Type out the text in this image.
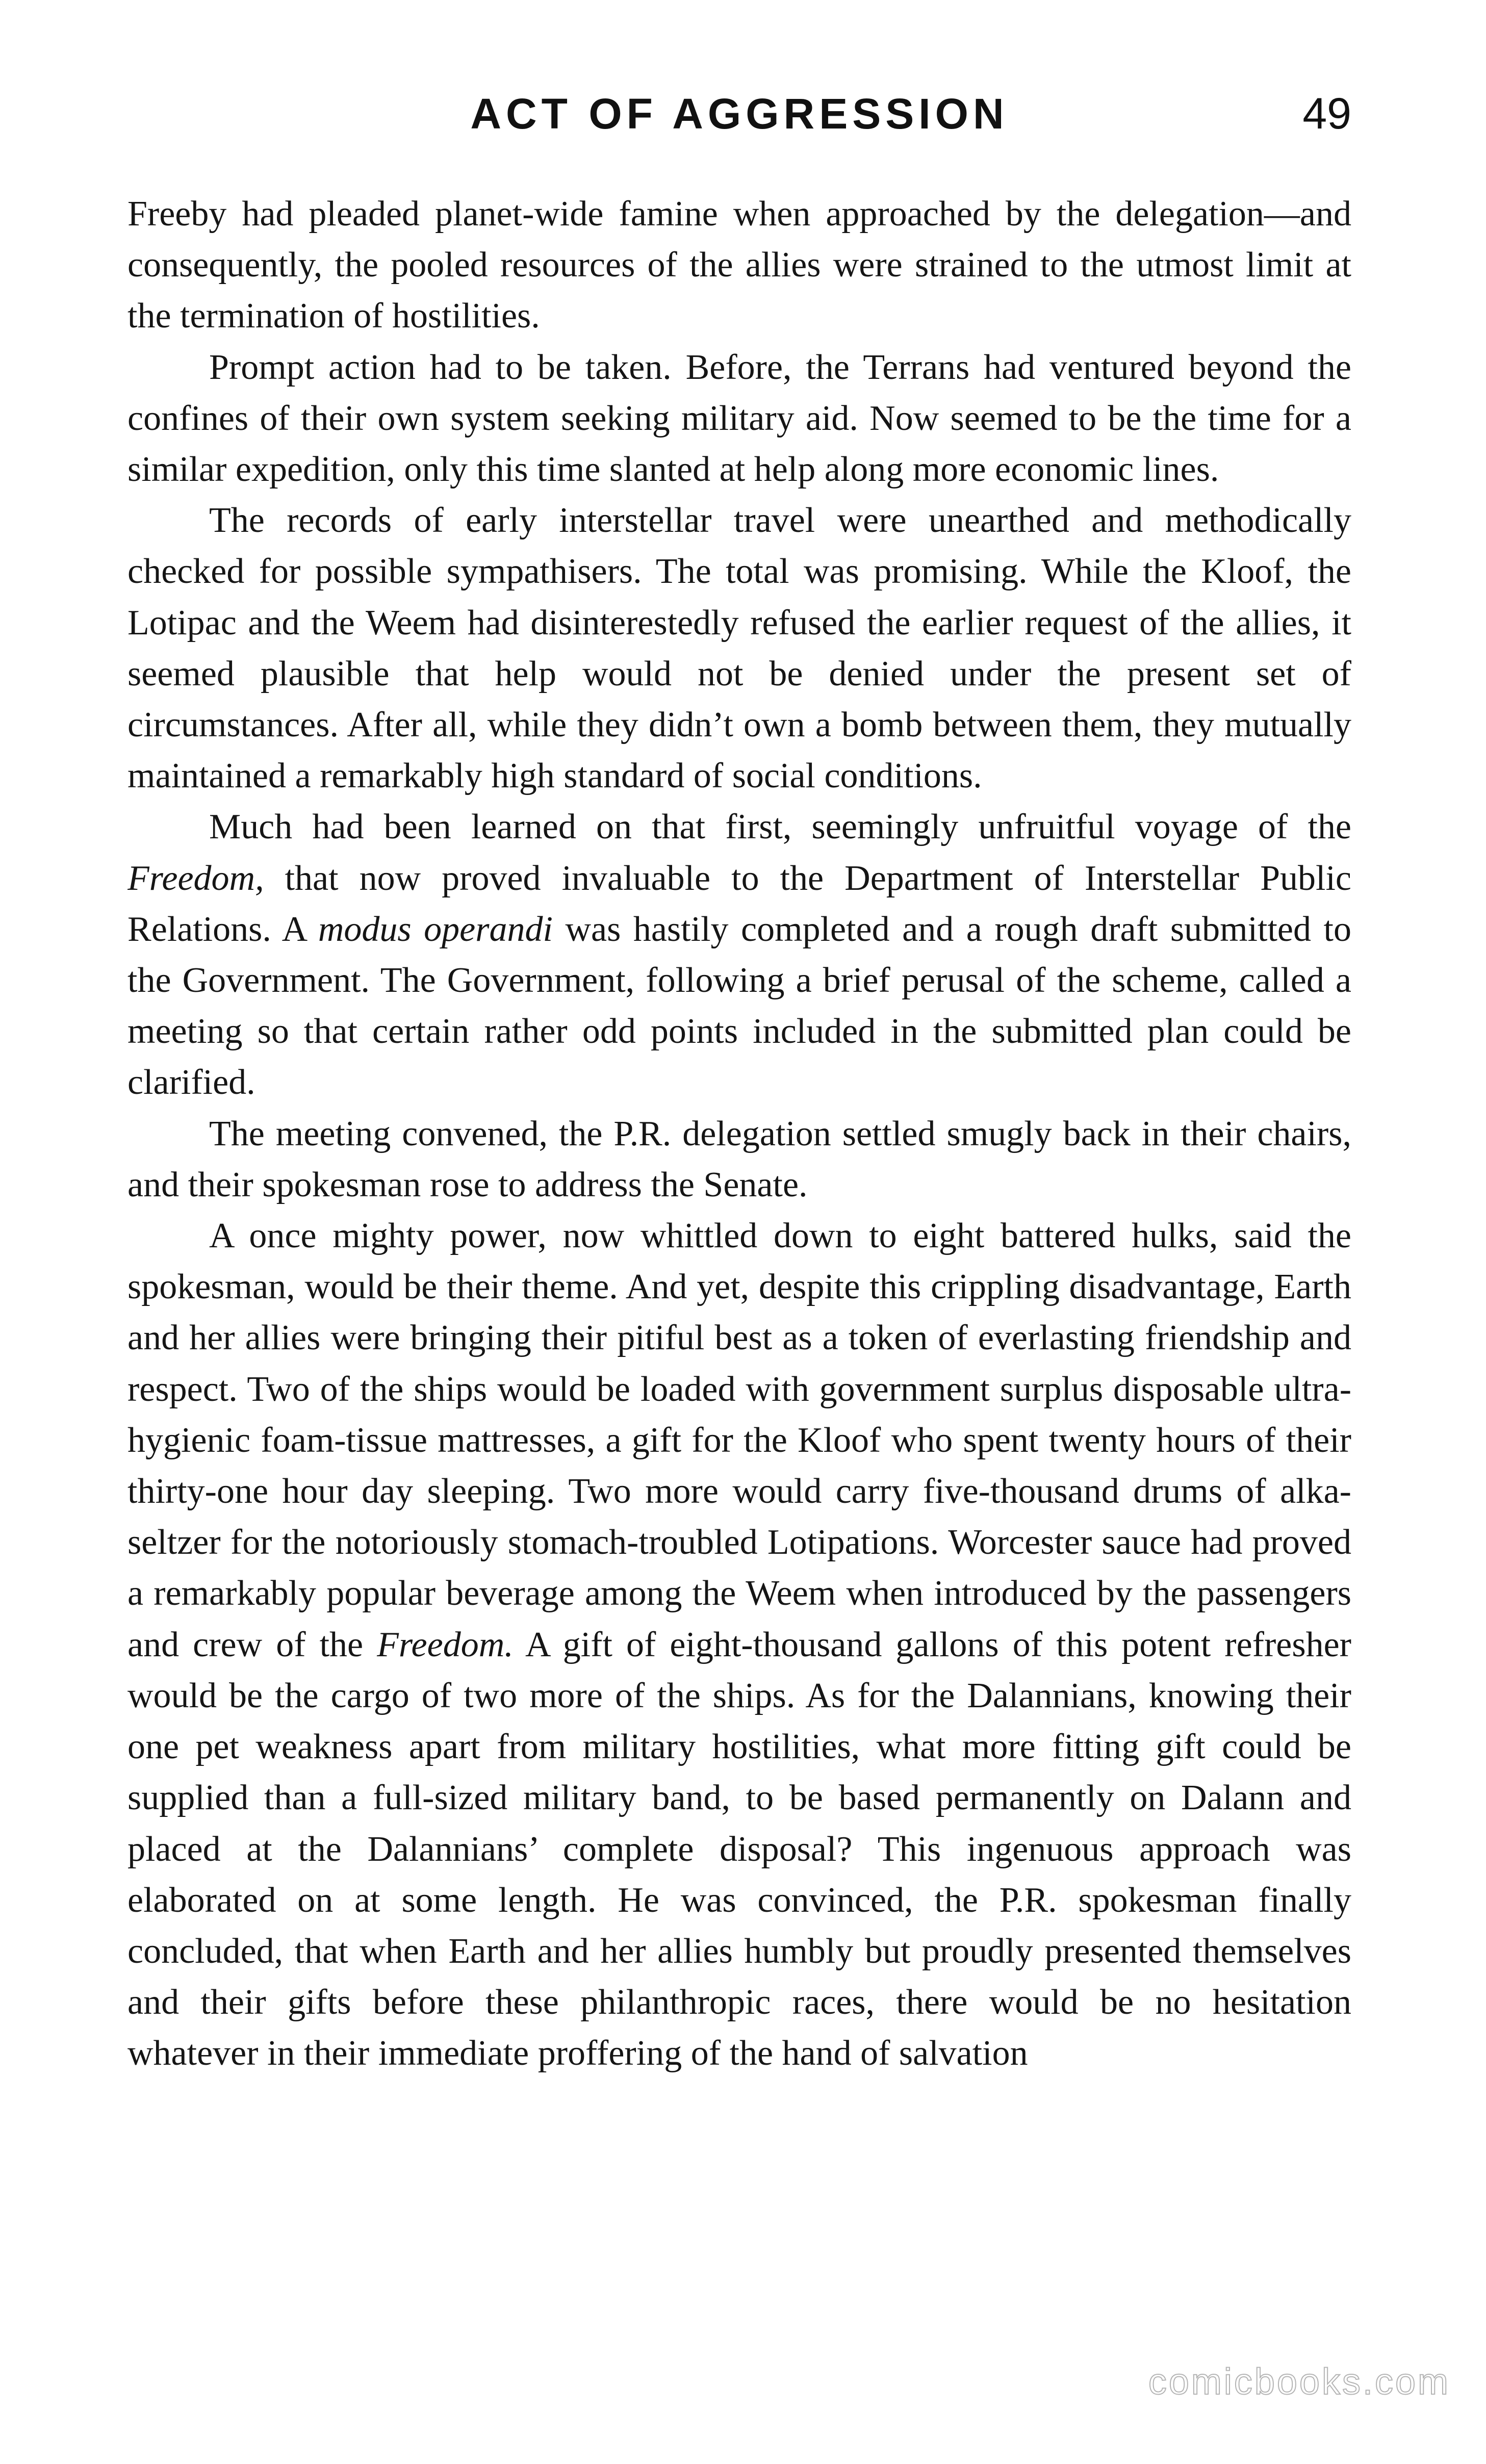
ACT OF AGGRESSION	49

Freeby had pleaded planet-wide famine when approached by the delegation—and consequently, the pooled resources of the allies were strained to the utmost limit at the termination of hostilities.

Prompt action had to be taken. Before, the Terrans had ventured beyond the confines of their own system seeking military aid. Now seemed to be the time for a similar expedition, only this time slanted at help along more economic lines.

The records of early interstellar travel were unearthed and methodically checked for possible sympathisers. The total was promising. While the Kloof, the Lotipac and the Weem had disinterestedly refused the earlier request of the allies, it seemed plausible that help would not be denied under the present set of circumstances. After all, while they didn’t own a bomb between them, they mutually maintained a remarkably high standard of social conditions.

Much had been learned on that first, seemingly unfruitful voyage of the Freedom, that now proved invaluable to the Department of Interstellar Public Relations. A modus operandi was hastily completed and a rough draft submitted to the Government. The Government, following a brief perusal of the scheme, called a meeting so that certain rather odd points included in the submitted plan could be clarified.

The meeting convened, the P.R. delegation settled smugly back in their chairs, and their spokesman rose to address the Senate.

A once mighty power, now whittled down to eight battered hulks, said the spokesman, would be their theme. And yet, despite this crippling disadvantage, Earth and her allies were bringing their pitiful best as a token of everlasting friendship and respect. Two of the ships would be loaded with government surplus disposable ultra-hygienic foam-tissue mattresses, a gift for the Kloof who spent twenty hours of their thirty-one hour day sleeping. Two more would carry five-thousand drums of alka-seltzer for the notoriously stomach-troubled Lotipations. Worcester sauce had proved a remarkably popular beverage among the Weem when introduced by the passengers and crew of the Freedom. A gift of eight-thousand gallons of this potent refresher would be the cargo of two more of the ships. As for the Dalannians, knowing their one pet weakness apart from military hostilities, what more fitting gift could be supplied than a full-sized military band, to be based permanently on Dalann and placed at the Dalannians’ complete disposal? This ingenuous approach was elaborated on at some length. He was convinced, the P.R. spokesman finally concluded, that when Earth and her allies humbly but proudly presented themselves and their gifts before these philanthropic races, there would be no hesitation whatever in their immediate proffering of the hand of salvation

comicbooks.com
